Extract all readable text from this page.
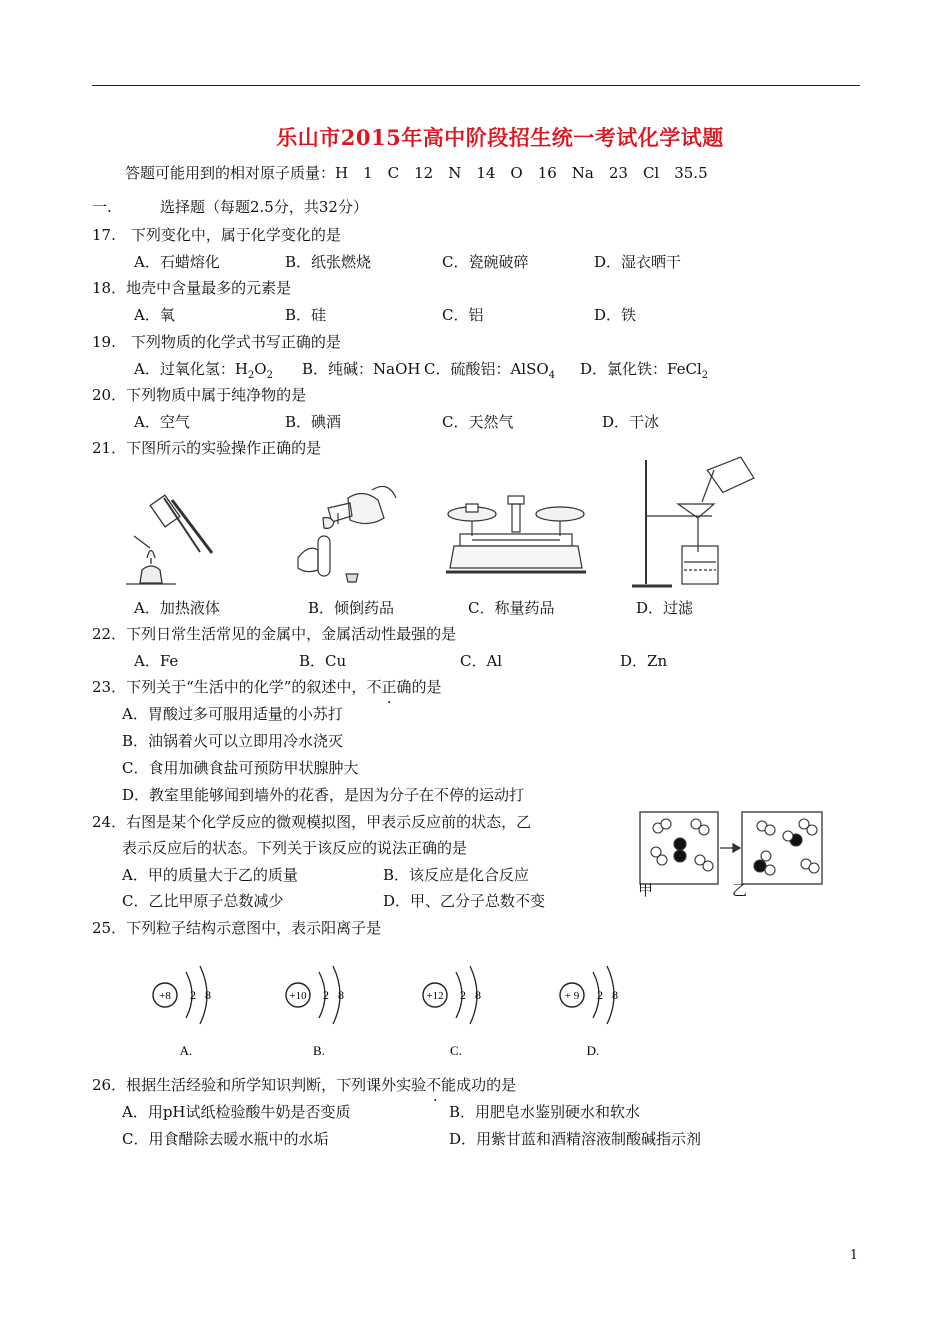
乐山市2015年高中阶段招生统一考试化学试题
答题可能用到的相对原子质量：H　1　C　12　N　14　O　16　Na　23　Cl　35.5
一.	选择题（每题2.5分，共32分）
17.　下列变化中，属于化学变化的是
A．石蜡熔化	B．纸张燃烧	C．瓷碗破碎	D．湿衣晒干
18．地壳中含量最多的元素是
A．氧	B．硅	C．铝	D．铁
19.　下列物质的化学式书写正确的是
A．过氧化氢：$H_2O_2$ B．纯碱：NaOH C．硫酸铝：AlSO$_4$ D．氯化铁：FeCl$_2$
20．下列物质中属于纯净物的是
A．空气	B．碘酒	C．天然气	D．干冰
21．下图所示的实验操作正确的是
A．加热液体	B．倾倒药品	C．称量药品	D．过滤
22．下列日常生活常见的金属中，金属活动性最强的是
A．Fe	B．Cu	C．Al	D．Zn
23．下列关于“生活中的化学”的叙述中，不正确的是
A．胃酸过多可服用适量的小苏打
B．油锅着火可以立即用冷水浇灭
C．食用加碘食盐可预防甲状腺肿大
D．教室里能够闻到墙外的花香，是因为分子在不停的运动打
24．右图是某个化学反应的微观模拟图，甲表示反应前的状态，乙
表示反应后的状态。下列关于该反应的说法正确的是
A．甲的质量大于乙的质量	B．该反应是化合反应
C．乙比甲原子总数减少	D．甲、乙分子总数不变
甲	乙
25．下列粒子结构示意图中，表示阳离子是
+8 2 8
A.
+10 2 8
B.
+12 2 8
C.
+ 9 2 8
D.
26．根据生活经验和所学知识判断，下列课外实验不能成功的是
A．用pH试纸检验酸牛奶是否变质	B．用肥皂水鉴别硬水和软水
C．用食醋除去暖水瓶中的水垢	D．用紫甘蓝和酒精溶液制酸碱指示剂
1
